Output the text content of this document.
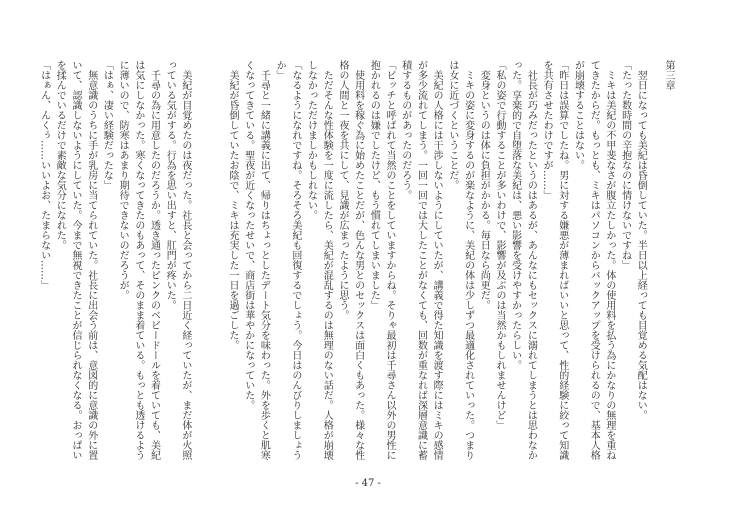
第三章

翌日になっても美紀は昏倒していた。半日以上経っても目覚める気配はない。

「たった数時間の辛抱なのに情けないですね」

ミキは美紀の不甲斐なさが腹立たしかった。体の使用料を払う為にかなりの無理を重ねてきたからだ。もっとも、ミキはパソコンからバックアップを受けられるので、基本人格が崩壊することはない。

「昨日は誤算でしたね。男に対する嫌悪が薄まればいいと思って、性的経験に絞って知識を共有させたわけですが……」

社長が巧みだったというのはあるが、あんなにもセックスに溺れてしまうとは思わなかった。享楽的で自堕落な美紀は、悪い影響を受けやすかったらしい。

「私の姿で行動することが多いわけで、影響が及ぶのは当然かもしれませんけど」

変身というのは体に負担がかかる。毎日なら尚更だ。

ミキの姿に変身するのが楽なように、美紀の体は少しずつ最適化されていった。つまりは女に近づくということだ。

美紀の人格には干渉しないようにしていたが、講義で得た知識を渡す際にはミキの感情が多少流れてしまう。一回一回では大したことがなくても、回数が重なれば深層意識に蓄積するものがあったのだろう。

「ビッチと呼ばれて当然のことをしていますからね。そりゃ最初は千尋さん以外の男性に抱かれるのは嫌でしたけど、もう慣れてしまいました」

使用料を稼ぐ為に始めたことだが、色んな男とのセックスは面白くもあった。様々な性格の人間と一夜を共にして、見識が広まったように思う。

ただそんな性体験を一度に流したら、美紀が混乱するのは無理のない話だ。人格が崩壊しなかっただけましかもしれない。

「なるようになれですね。そろそろ美紀も回復するでしょう。今日はのんびりしましょうか」

千尋と一緒に講義に出て、帰りはちょっとしたデート気分を味わった。外を歩くと肌寒くなってきている。聖夜が近くなったせいで、商店街は華やかになっていた。

美紀が昏倒していたお陰で、ミキは充実した一日を過ごした。

美紀が目覚めたのは夜だった。社長と会ってから二日近く経っていたが、まだ体が火照っている気がする。行為を思い出すと、肛門が疼いた。

千尋の為に用意したのだろうか。透き通ったピンクのベビードールを着ていても、美紀は気にしなかった。寒くなってきたのもあって、そのまま着ている。もっとも透けるように薄いので、防寒はあまり期待できないのだろうが。

「はぁ、凄い経験だったな」

無意識のうちに手が乳房に当てられていた。社長に出会う前は、意図的に意識の外に置いて、認識しないようにしていた。今まで無視できたことが信じられなくなる。おっぱいを揉んでいるだけで素敵な気分になれた。

「はぁん、んくぅ……いいよお、たまらない……」

- 47 -
